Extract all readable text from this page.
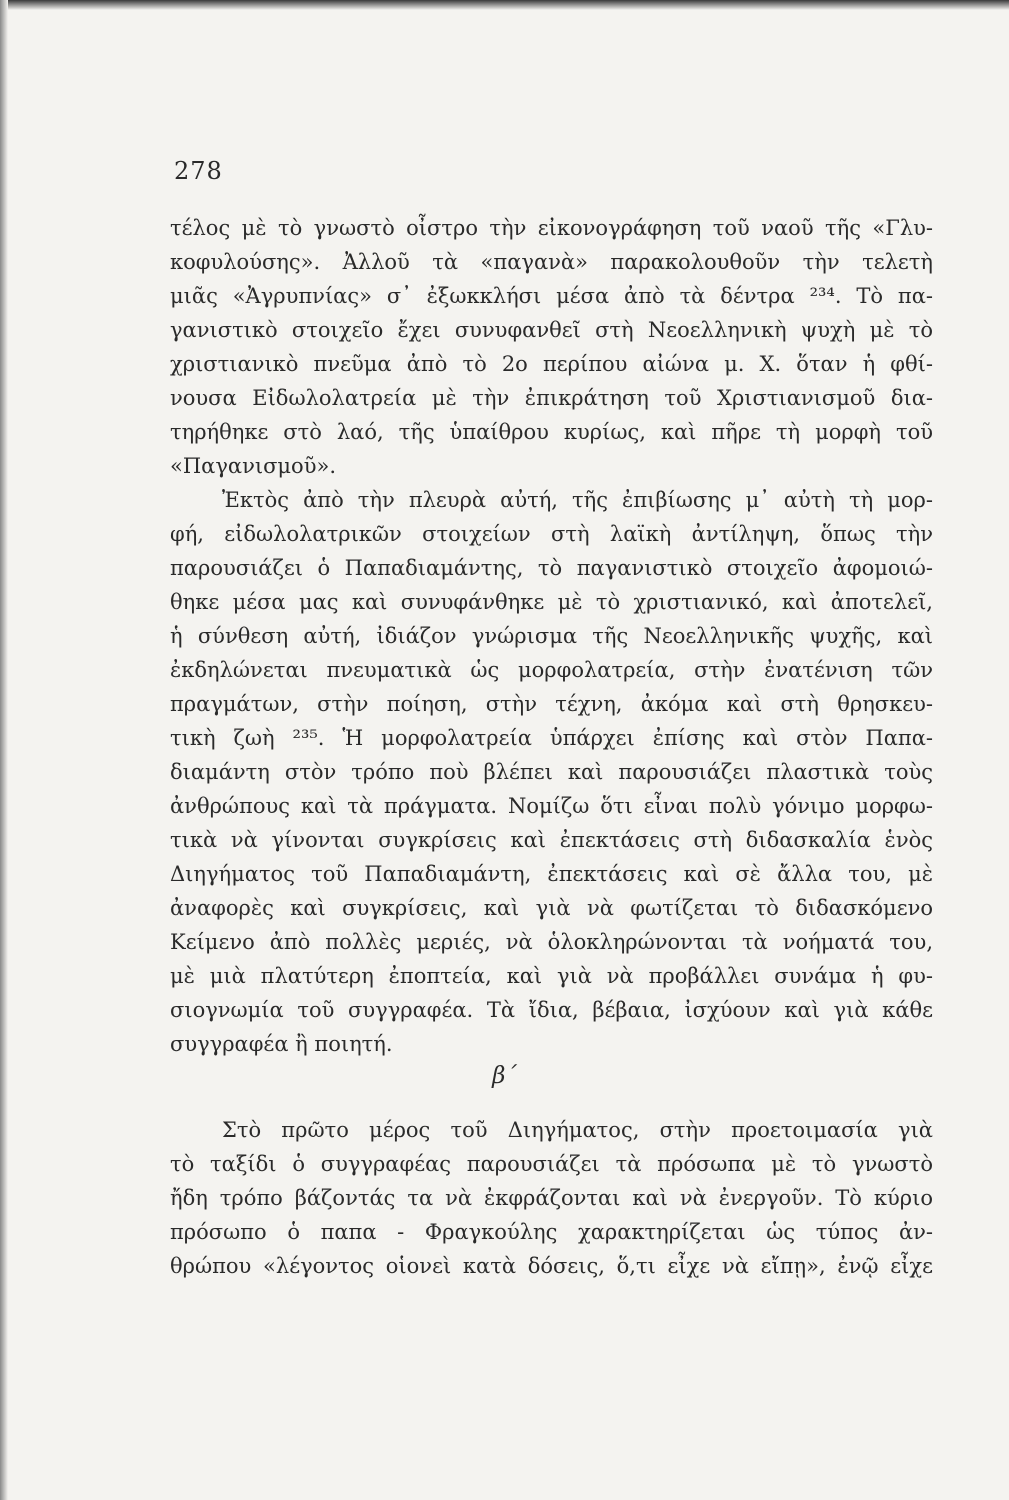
278
τέλος μὲ τὸ γνωστὸ οἶστρο τὴν εἰκονογράφηση τοῦ ναοῦ τῆς «Γλυ-
κοφυλούσης». Ἀλλοῦ τὰ «παγανὰ» παρακολουθοῦν τὴν τελετὴ
μιᾶς «Ἀγρυπνίας» σ᾽ ἐξωκκλήσι μέσα ἀπὸ τὰ δέντρα ²³⁴. Τὸ πα-
γανιστικὸ στοιχεῖο ἔχει συνυφανθεῖ στὴ Νεοελληνικὴ ψυχὴ μὲ τὸ
χριστιανικὸ πνεῦμα ἀπὸ τὸ 2ο περίπου αἰώνα μ. Χ. ὅταν ἡ φθί-
νουσα Εἰδωλολατρεία μὲ τὴν ἐπικράτηση τοῦ Χριστιανισμοῦ δια-
τηρήθηκε στὸ λαό, τῆς ὑπαίθρου κυρίως, καὶ πῆρε τὴ μορφὴ τοῦ
«Παγανισμοῦ».
Ἐκτὸς ἀπὸ τὴν πλευρὰ αὐτή, τῆς ἐπιβίωσης μ᾽ αὐτὴ τὴ μορ-
φή, εἰδωλολατρικῶν στοιχείων στὴ λαϊκὴ ἀντίληψη, ὅπως τὴν
παρουσιάζει ὁ Παπαδιαμάντης, τὸ παγανιστικὸ στοιχεῖο ἀφομοιώ-
θηκε μέσα μας καὶ συνυφάνθηκε μὲ τὸ χριστιανικό, καὶ ἀποτελεῖ,
ἡ σύνθεση αὐτή, ἰδιάζον γνώρισμα τῆς Νεοελληνικῆς ψυχῆς, καὶ
ἐκδηλώνεται πνευματικὰ ὡς μορφολατρεία, στὴν ἐνατένιση τῶν
πραγμάτων, στὴν ποίηση, στὴν τέχνη, ἀκόμα καὶ στὴ θρησκευ-
τικὴ ζωὴ ²³⁵. Ἡ μορφολατρεία ὑπάρχει ἐπίσης καὶ στὸν Παπα-
διαμάντη στὸν τρόπο ποὺ βλέπει καὶ παρουσιάζει πλαστικὰ τοὺς
ἀνθρώπους καὶ τὰ πράγματα. Νομίζω ὅτι εἶναι πολὺ γόνιμο μορφω-
τικὰ νὰ γίνονται συγκρίσεις καὶ ἐπεκτάσεις στὴ διδασκαλία ἑνὸς
Διηγήματος τοῦ Παπαδιαμάντη, ἐπεκτάσεις καὶ σὲ ἄλλα του, μὲ
ἀναφορὲς καὶ συγκρίσεις, καὶ γιὰ νὰ φωτίζεται τὸ διδασκόμενο
Κείμενο ἀπὸ πολλὲς μεριές, νὰ ὁλοκληρώνονται τὰ νοήματά του,
μὲ μιὰ πλατύτερη ἐποπτεία, καὶ γιὰ νὰ προβάλλει συνάμα ἡ φυ-
σιογνωμία τοῦ συγγραφέα. Τὰ ἴδια, βέβαια, ἰσχύουν καὶ γιὰ κάθε
συγγραφέα ἢ ποιητή.
β΄
Στὸ πρῶτο μέρος τοῦ Διηγήματος, στὴν προετοιμασία γιὰ
τὸ ταξίδι ὁ συγγραφέας παρουσιάζει τὰ πρόσωπα μὲ τὸ γνωστὸ
ἤδη τρόπο βάζοντάς τα νὰ ἐκφράζονται καὶ νὰ ἐνεργοῦν. Τὸ κύριο
πρόσωπο ὁ παπα - Φραγκούλης χαρακτηρίζεται ὡς τύπος ἀν-
θρώπου «λέγοντος οἱονεὶ κατὰ δόσεις, ὅ,τι εἶχε νὰ εἴπῃ», ἐνῷ εἶχε
